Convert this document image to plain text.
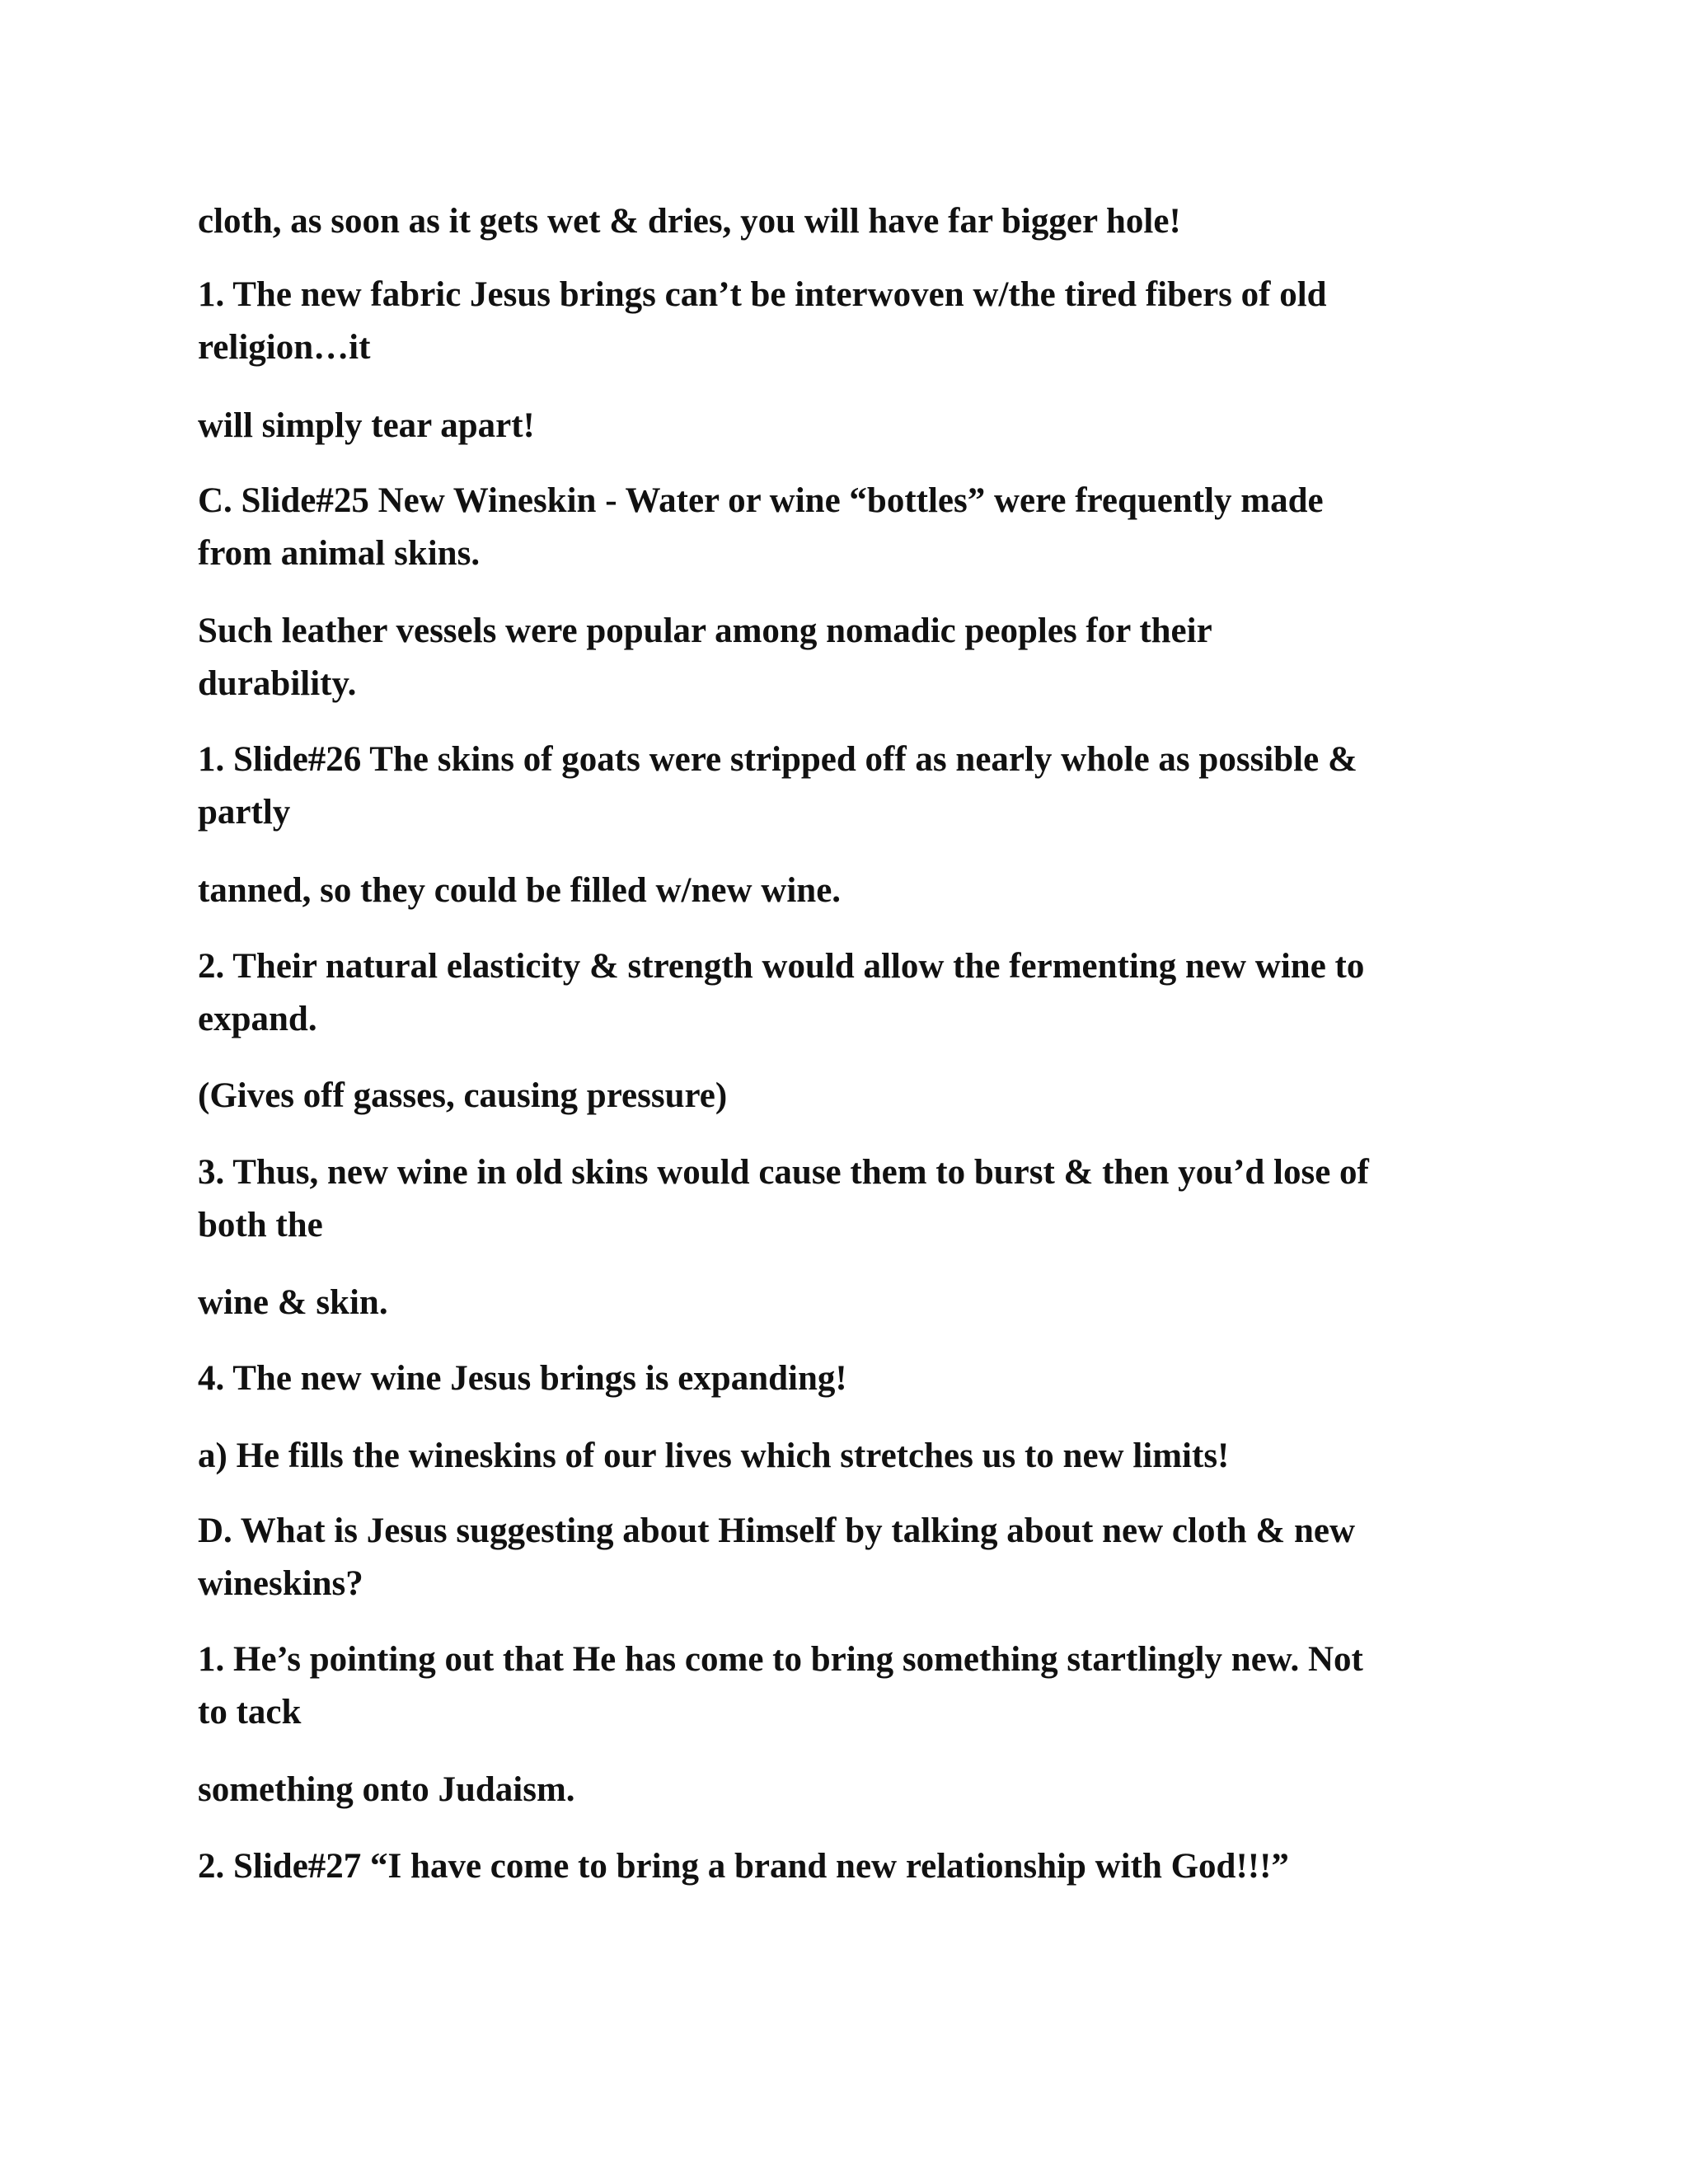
cloth, as soon as it gets wet & dries, you will have far bigger hole!

1. The new fabric Jesus brings can’t be interwoven w/the tired fibers of old
religion…it

will simply tear apart!

C. Slide#25 New Wineskin - Water or wine “bottles” were frequently made
from animal skins.

Such leather vessels were popular among nomadic peoples for their
durability.

1. Slide#26 The skins of goats were stripped off as nearly whole as possible &
partly

tanned, so they could be filled w/new wine.

2. Their natural elasticity & strength would allow the fermenting new wine to
expand.

(Gives off gasses, causing pressure)

3. Thus, new wine in old skins would cause them to burst & then you’d lose of
both the

wine & skin.

4. The new wine Jesus brings is expanding!

a) He fills the wineskins of our lives which stretches us to new limits!

D. What is Jesus suggesting about Himself by talking about new cloth & new
wineskins?

1. He’s pointing out that He has come to bring something startlingly new. Not
to tack

something onto Judaism.

2. Slide#27 “I have come to bring a brand new relationship with God!!!”
